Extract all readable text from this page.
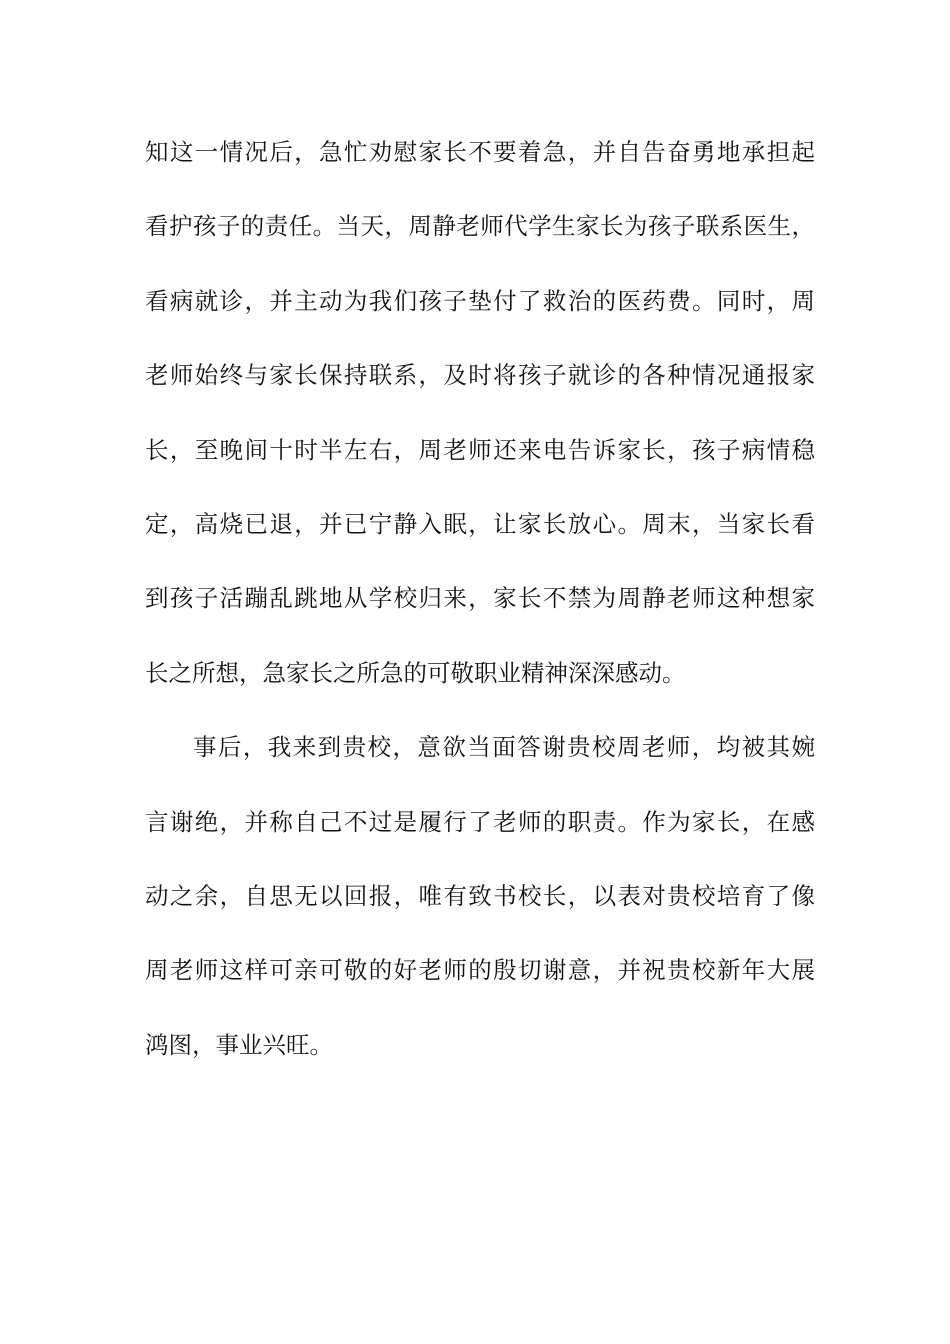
知这一情况后，急忙劝慰家长不要着急，并自告奋勇地承担起
看护孩子的责任。当天，周静老师代学生家长为孩子联系医生，
看病就诊，并主动为我们孩子垫付了救治的医药费。同时，周
老师始终与家长保持联系，及时将孩子就诊的各种情况通报家
长，至晚间十时半左右，周老师还来电告诉家长，孩子病情稳
定，高烧已退，并已宁静入眠，让家长放心。周末，当家长看
到孩子活蹦乱跳地从学校归来，家长不禁为周静老师这种想家
长之所想，急家长之所急的可敬职业精神深深感动。
事后，我来到贵校，意欲当面答谢贵校周老师，均被其婉
言谢绝，并称自己不过是履行了老师的职责。作为家长，在感
动之余，自思无以回报，唯有致书校长，以表对贵校培育了像
周老师这样可亲可敬的好老师的殷切谢意，并祝贵校新年大展
鸿图，事业兴旺。
